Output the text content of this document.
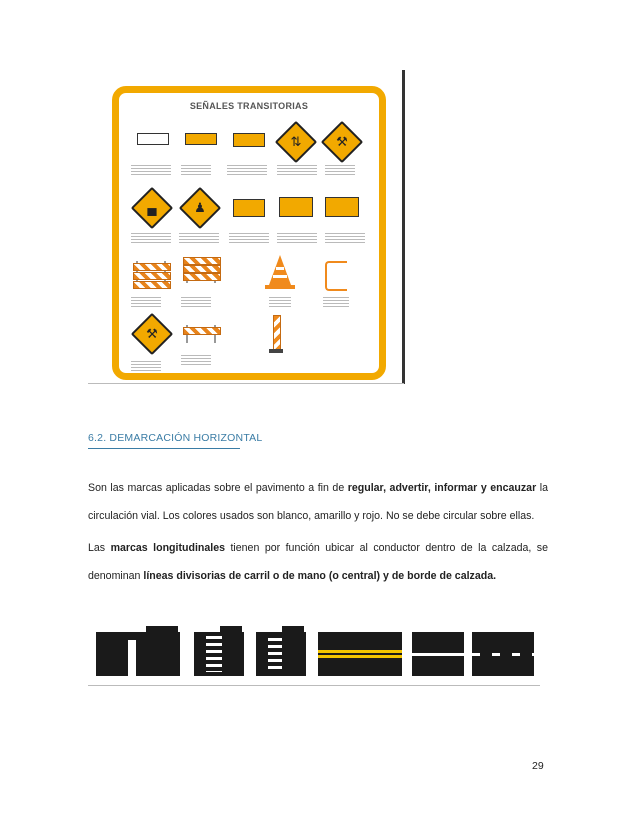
SEÑALES TRANSITORIAS
⇅	⚒
▄	♟
⚒
6.2. DEMARCACIÓN HORIZONTAL
Son las marcas aplicadas sobre el pavimento a fin de regular, advertir, informar y encauzar la circulación vial. Los colores usados son blanco, amarillo y rojo. No se debe circular sobre ellas.
Las marcas longitudinales tienen por función ubicar al conductor dentro de la calzada, se denominan líneas divisorias de carril o de mano (o central) y de borde de calzada.
29
